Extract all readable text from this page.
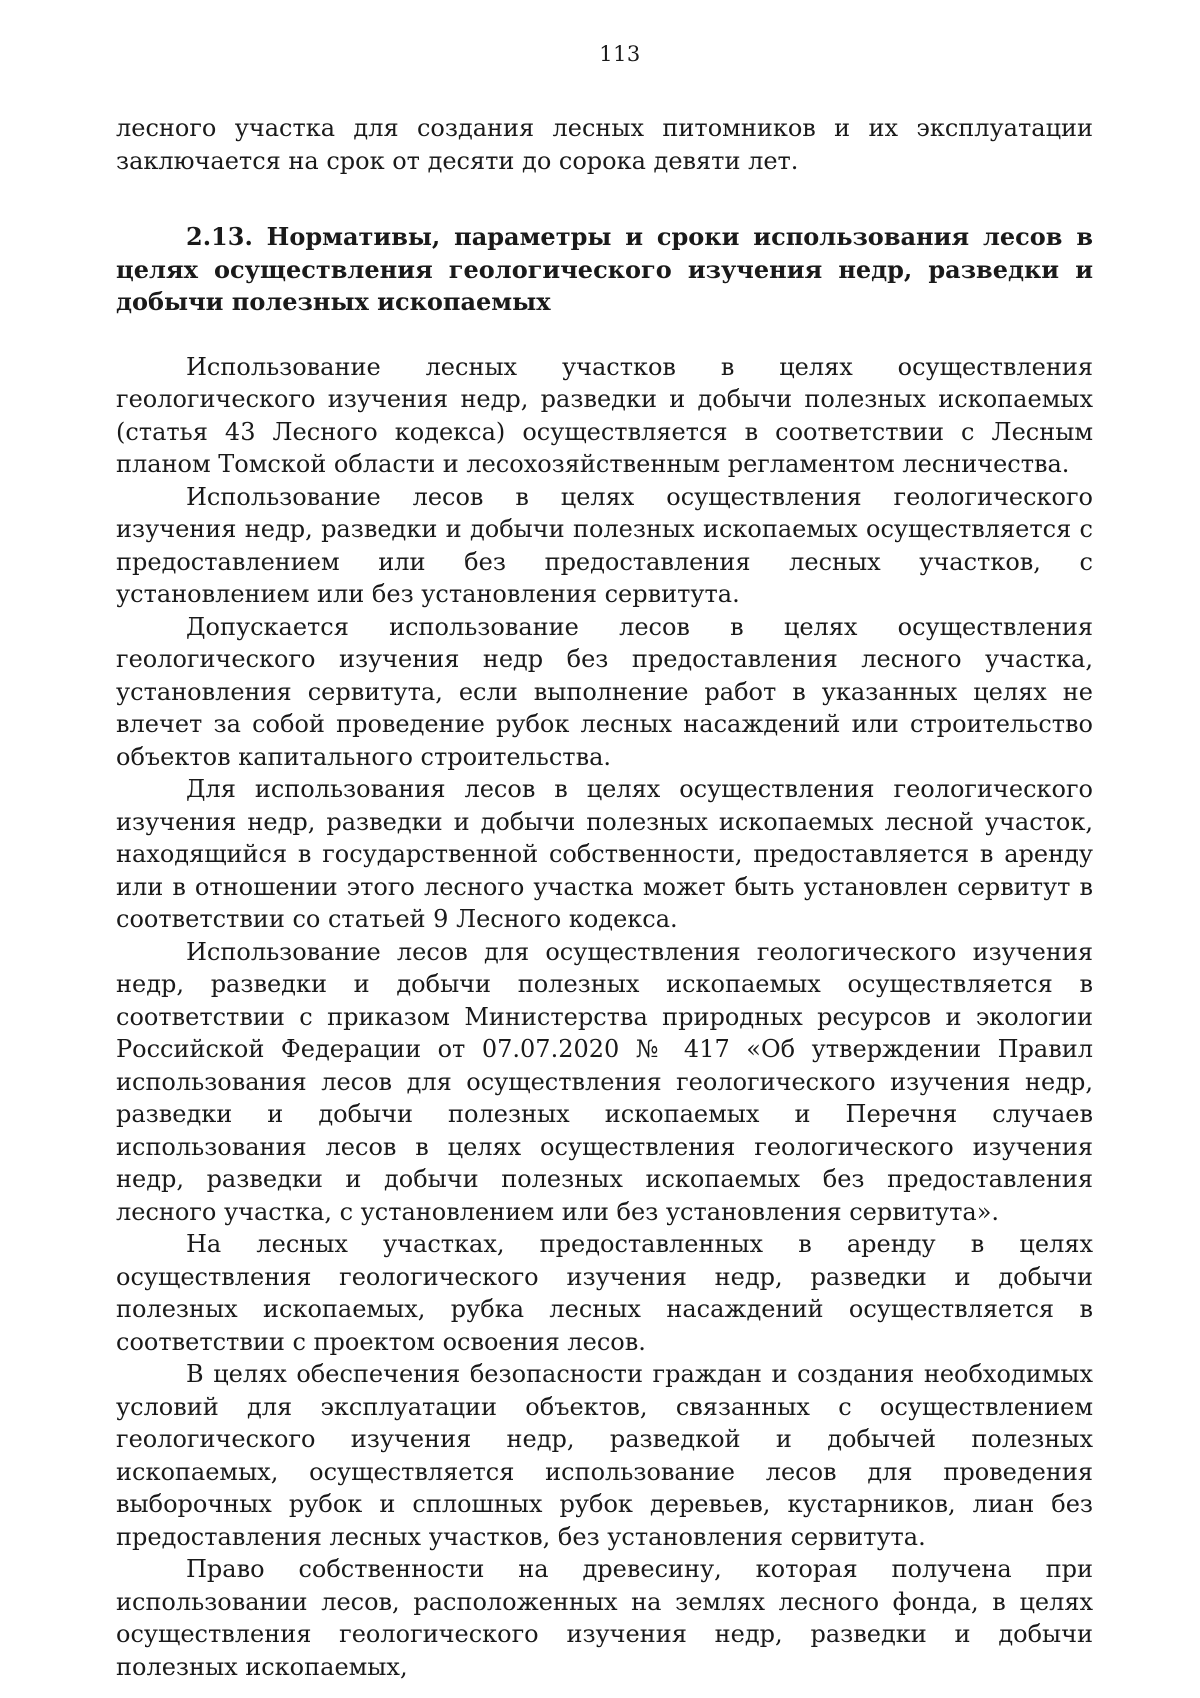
113

лесного участка для создания лесных питомников и их эксплуатации заключается на срок от десяти до сорока девяти лет.

2.13. Нормативы, параметры и сроки использования лесов в целях осуществления геологического изучения недр, разведки и добычи полезных ископаемых

Использование лесных участков в целях осуществления геологического изучения недр, разведки и добычи полезных ископаемых (статья 43 Лесного кодекса) осуществляется в соответствии с Лесным планом Томской области и лесохозяйственным регламентом лесничества.

Использование лесов в целях осуществления геологического изучения недр, разведки и добычи полезных ископаемых осуществляется с предоставлением или без предоставления лесных участков, с установлением или без установления сервитута.

Допускается использование лесов в целях осуществления геологического изучения недр без предоставления лесного участка, установления сервитута, если выполнение работ в указанных целях не влечет за собой проведение рубок лесных насаждений или строительство объектов капитального строительства.

Для использования лесов в целях осуществления геологического изучения недр, разведки и добычи полезных ископаемых лесной участок, находящийся в государственной собственности, предоставляется в аренду или в отношении этого лесного участка может быть установлен сервитут в соответствии со статьей 9 Лесного кодекса.

Использование лесов для осуществления геологического изучения недр, разведки и добычи полезных ископаемых осуществляется в соответствии с приказом Министерства природных ресурсов и экологии Российской Федерации от 07.07.2020 № 417 «Об утверждении Правил использования лесов для осуществления геологического изучения недр, разведки и добычи полезных ископаемых и Перечня случаев использования лесов в целях осуществления геологического изучения недр, разведки и добычи полезных ископаемых без предоставления лесного участка, с установлением или без установления сервитута».

На лесных участках, предоставленных в аренду в целях осуществления геологического изучения недр, разведки и добычи полезных ископаемых, рубка лесных насаждений осуществляется в соответствии с проектом освоения лесов.

В целях обеспечения безопасности граждан и создания необходимых условий для эксплуатации объектов, связанных с осуществлением геологического изучения недр, разведкой и добычей полезных ископаемых, осуществляется использование лесов для проведения выборочных рубок и сплошных рубок деревьев, кустарников, лиан без предоставления лесных участков, без установления сервитута.

Право собственности на древесину, которая получена при использовании лесов, расположенных на землях лесного фонда, в целях осуществления геологического изучения недр, разведки и добычи полезных ископаемых,
